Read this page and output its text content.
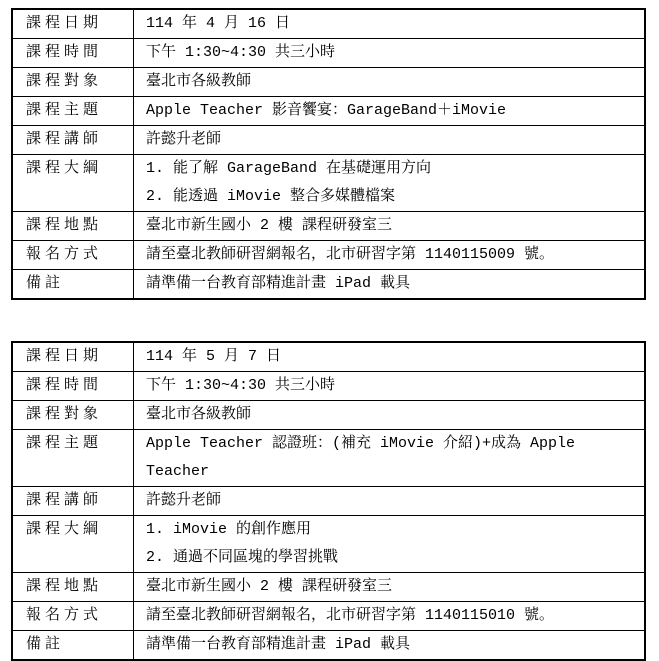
課程日期	114 年 4 月 16 日
課程時間	下午 1:30~4:30 共三小時
課程對象	臺北市各級教師
課程主題	Apple Teacher 影音饗宴：GarageBand＋iMovie
課程講師	許懿升老師
課程大綱	1. 能了解 GarageBand 在基礎運用方向
2. 能透過 iMovie 整合多媒體檔案

課程地點	臺北市新生國小 2 樓 課程研發室三
報名方式	請至臺北教師研習網報名，北市研習字第 1140115009 號。
備註	請準備一台教育部精進計畫 iPad 載具
課程日期	114 年 5 月 7 日
課程時間	下午 1:30~4:30 共三小時
課程對象	臺北市各級教師
課程主題	Apple Teacher 認證班：(補充 iMovie 介紹)+成為 Apple
Teacher

課程講師	許懿升老師
課程大綱	1. iMovie 的創作應用
2. 通過不同區塊的學習挑戰

課程地點	臺北市新生國小 2 樓 課程研發室三
報名方式	請至臺北教師研習網報名，北市研習字第 1140115010 號。
備註	請準備一台教育部精進計畫 iPad 載具
